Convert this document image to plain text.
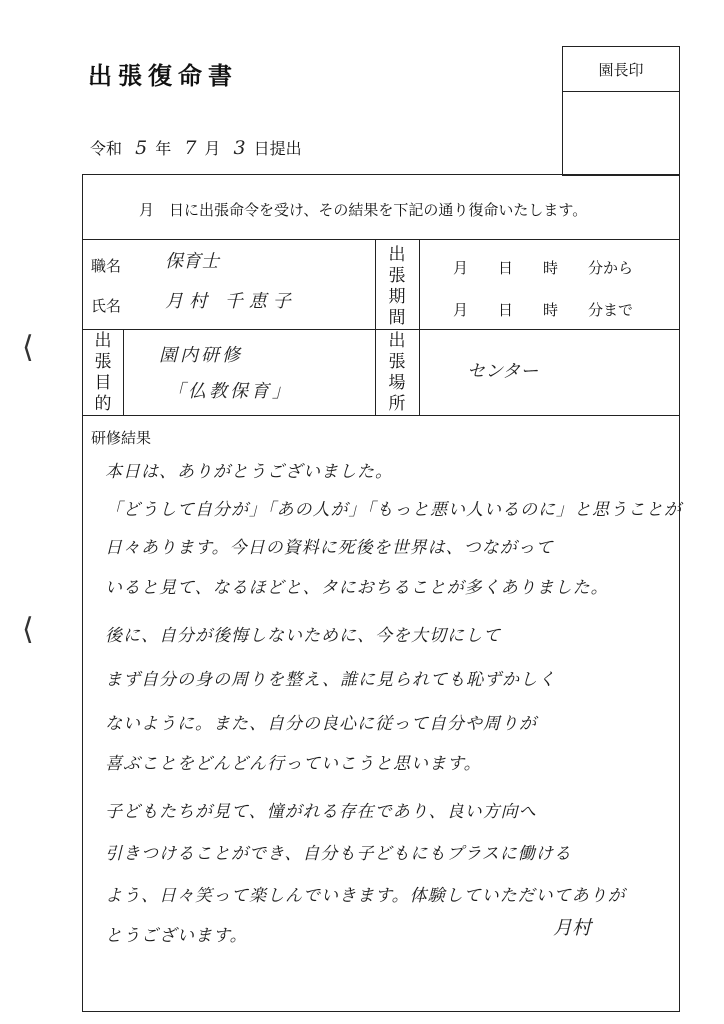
出張復命書	園長印
令和 5 年 7 月 3 日提出
⟨
⟨
月　日に出張命令を受け、その結果を下記の通り復命いたします。
職名 保育士
氏名 月村 千恵子
出張期間
月　　日　　時　　分から
月　　日　　時　　分まで
出張目的
園内研修
「仏教保育」
出張場所
センター
研修結果
本日は、ありがとうございました。
「どうして自分が」「あの人が」「もっと悪い人いるのに」と思うことが
日々あります。今日の資料に死後を世界は、つながって
いると見て、なるほどと、タにおちることが多くありました。
後に、自分が後悔しないために、今を大切にして
まず自分の身の周りを整え、誰に見られても恥ずかしく
ないように。また、自分の良心に従って自分や周りが
喜ぶことをどんどん行っていこうと思います。
子どもたちが見て、憧がれる存在であり、良い方向へ
引きつけることができ、自分も子どもにもプラスに働ける
よう、日々笑って楽しんでいきます。体験していただいてありが
とうございます。	月村
